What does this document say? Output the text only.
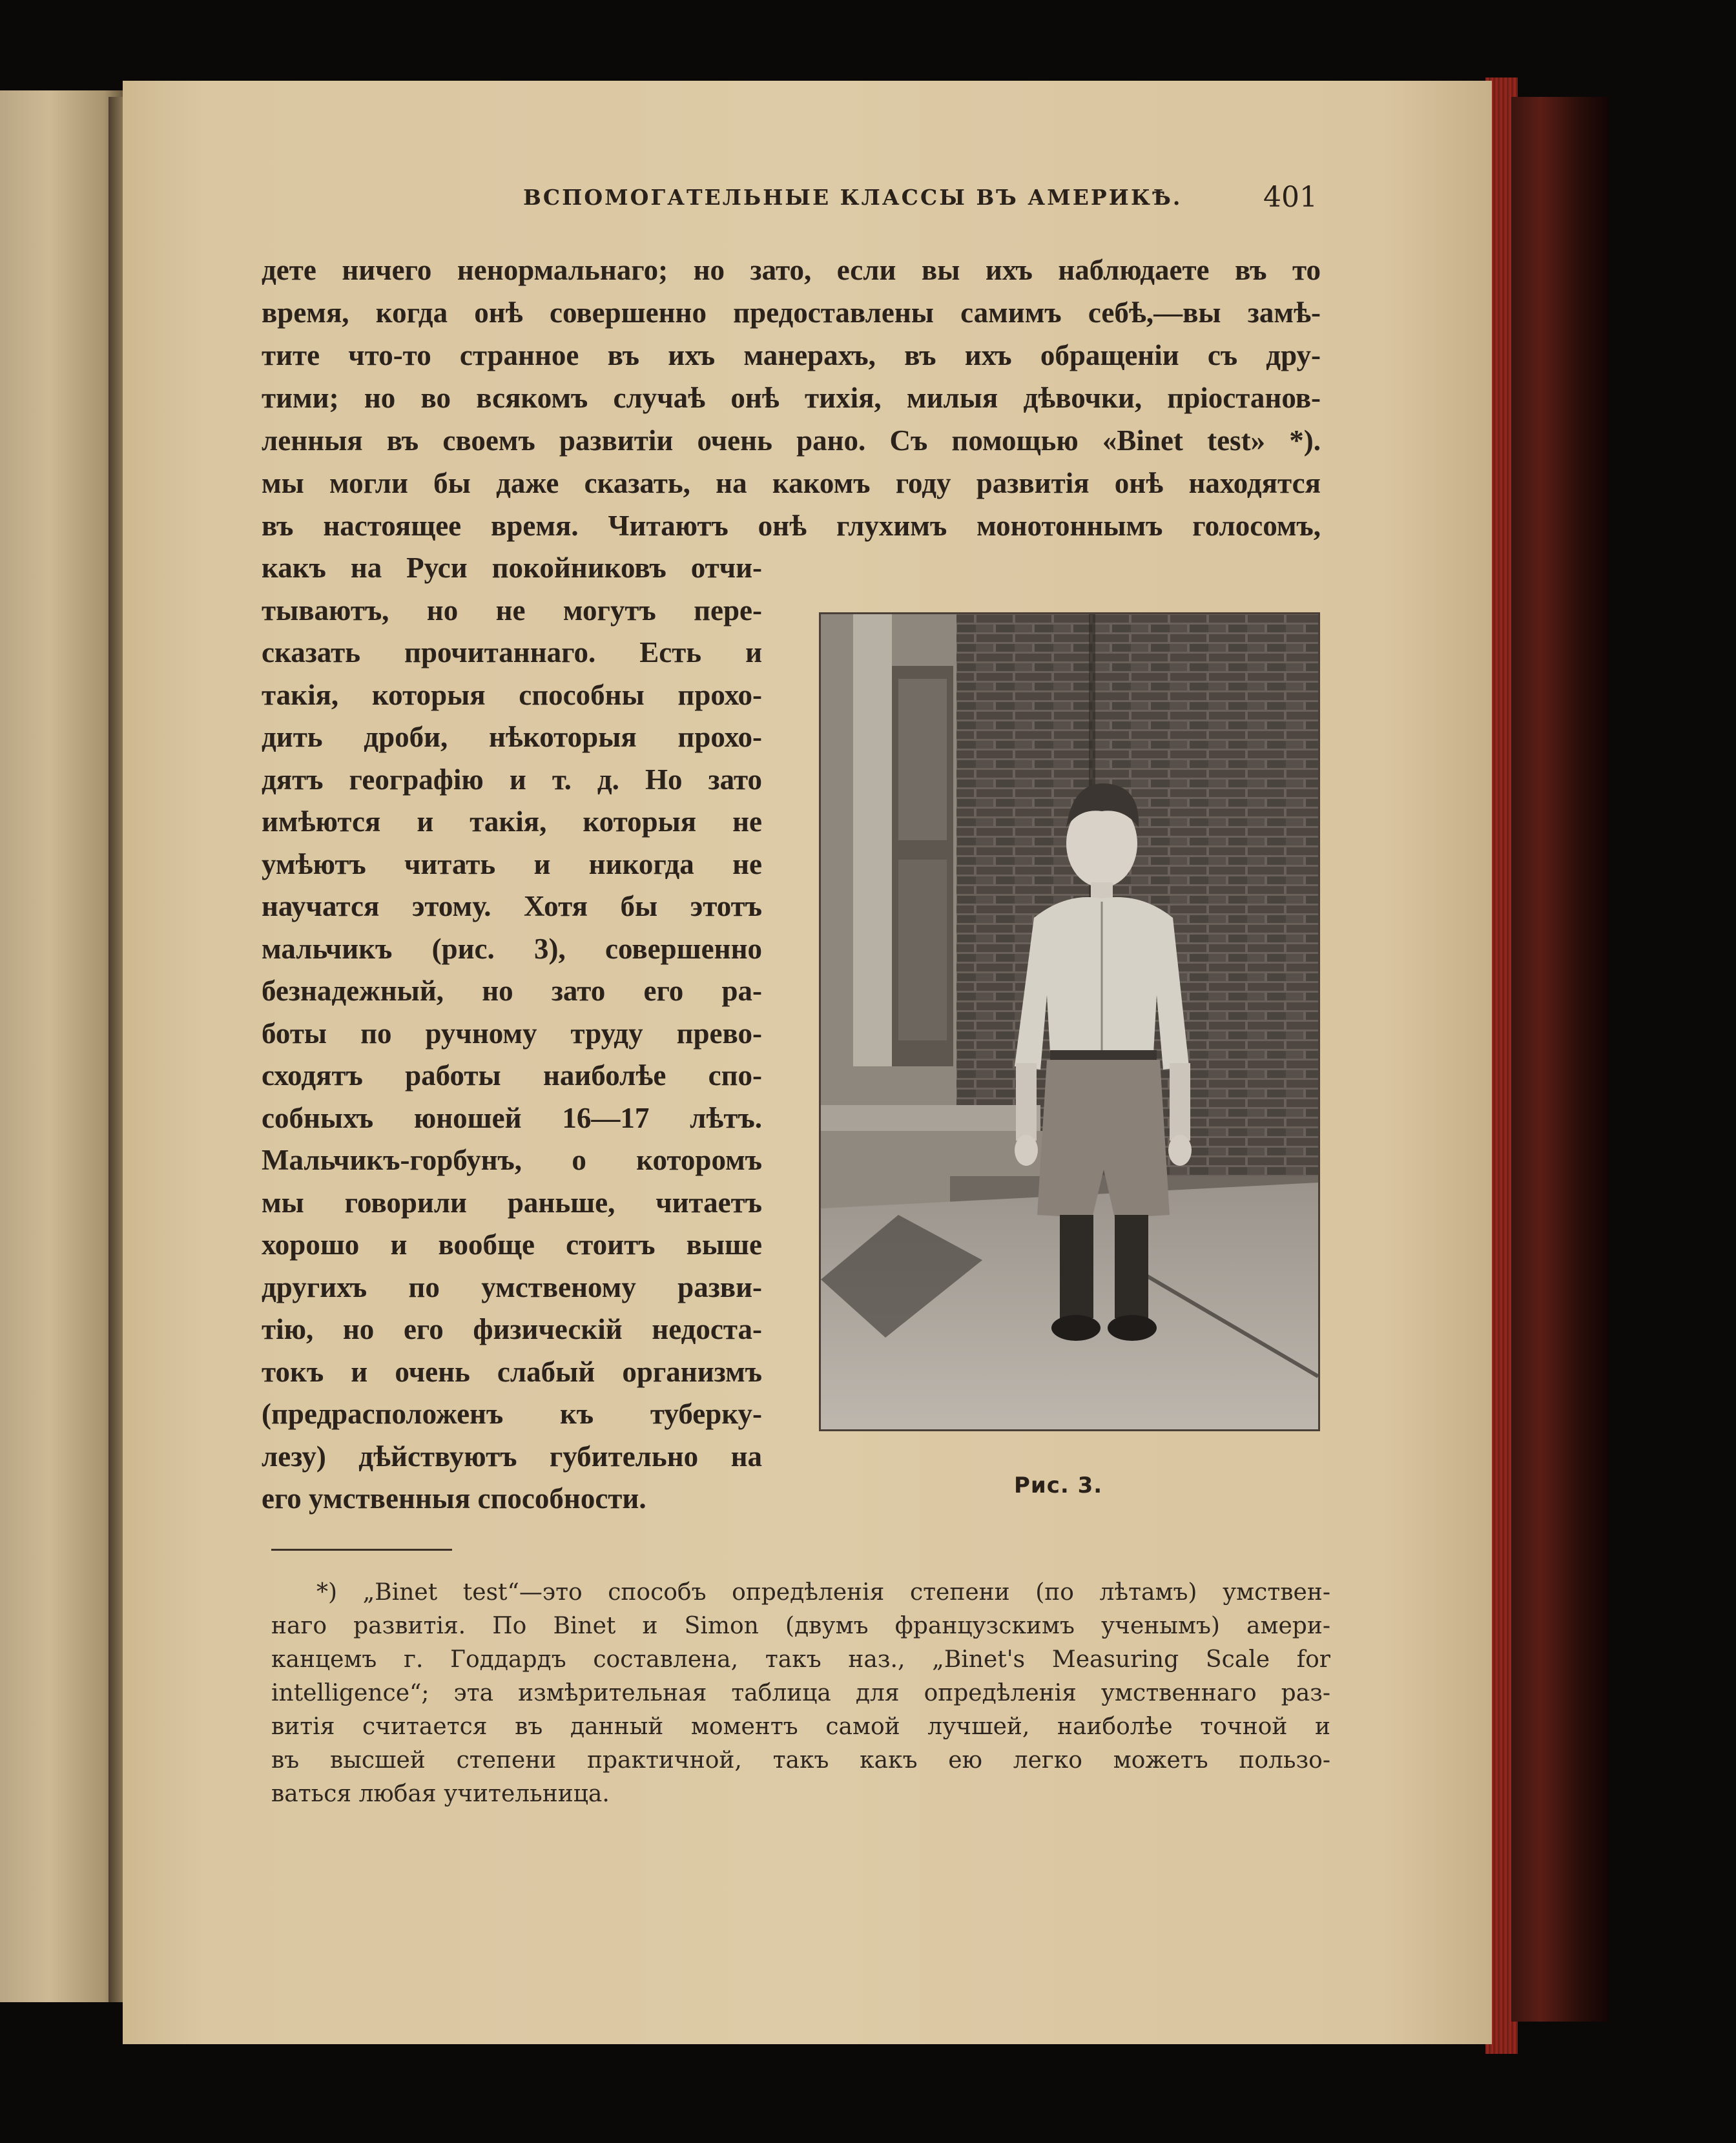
ВСПОМОГАТЕЛЬНЫЕ КЛАССЫ ВЪ АМЕРИКѢ.	401
дете ничего ненормальнаго; но зато, если вы ихъ наблюдаете въ то
время, когда онѣ совершенно предоставлены самимъ себѣ,—вы замѣ-
тите что-то странное въ ихъ манерахъ, въ ихъ обращеніи съ дру-
тими; но во всякомъ случаѣ онѣ тихія, милыя дѣвочки, пріостанов-
ленныя въ своемъ развитіи очень рано. Съ помощью «Binet test» *).
мы могли бы даже сказать, на какомъ году развитія онѣ находятся
въ настоящее время. Читаютъ онѣ глухимъ монотоннымъ голосомъ,
какъ на Руси покойниковъ отчи-
тываютъ, но не могутъ пере-
сказать прочитаннаго. Есть и
такія, которыя способны прохо-
дить дроби, нѣкоторыя прохо-
дятъ географію и т. д. Но зато
имѣются и такія, которыя не
умѣютъ читать и никогда не
научатся этому. Хотя бы этотъ
мальчикъ (рис. 3), совершенно
безнадежный, но зато его ра-
боты по ручному труду прево-
сходятъ работы наиболѣе спо-
собныхъ юношей 16—17 лѣтъ.
Мальчикъ-горбунъ, о которомъ
мы говорили раньше, читаетъ
хорошо и вообще стоитъ выше
другихъ по умственому разви-
тію, но его физическій недоста-
токъ и очень слабый организмъ
(предрасположенъ къ туберку-
лезу) дѣйствуютъ губительно на
его умственныя способности.	Рис. 3.
*) „Binet test“—это способъ опредѣленія степени (по лѣтамъ) умствен-
наго развитія. По Binet и Simon (двумъ французскимъ ученымъ) амери-
канцемъ г. Годдардъ составлена, такъ наз., „Binet's Measuring Scale for
intelligence“; эта измѣрительная таблица для опредѣленія умственнаго раз-
витія считается въ данный моментъ самой лучшей, наиболѣе точной и
въ высшей степени практичной, такъ какъ ею легко можетъ пользо-
ваться любая учительница.
